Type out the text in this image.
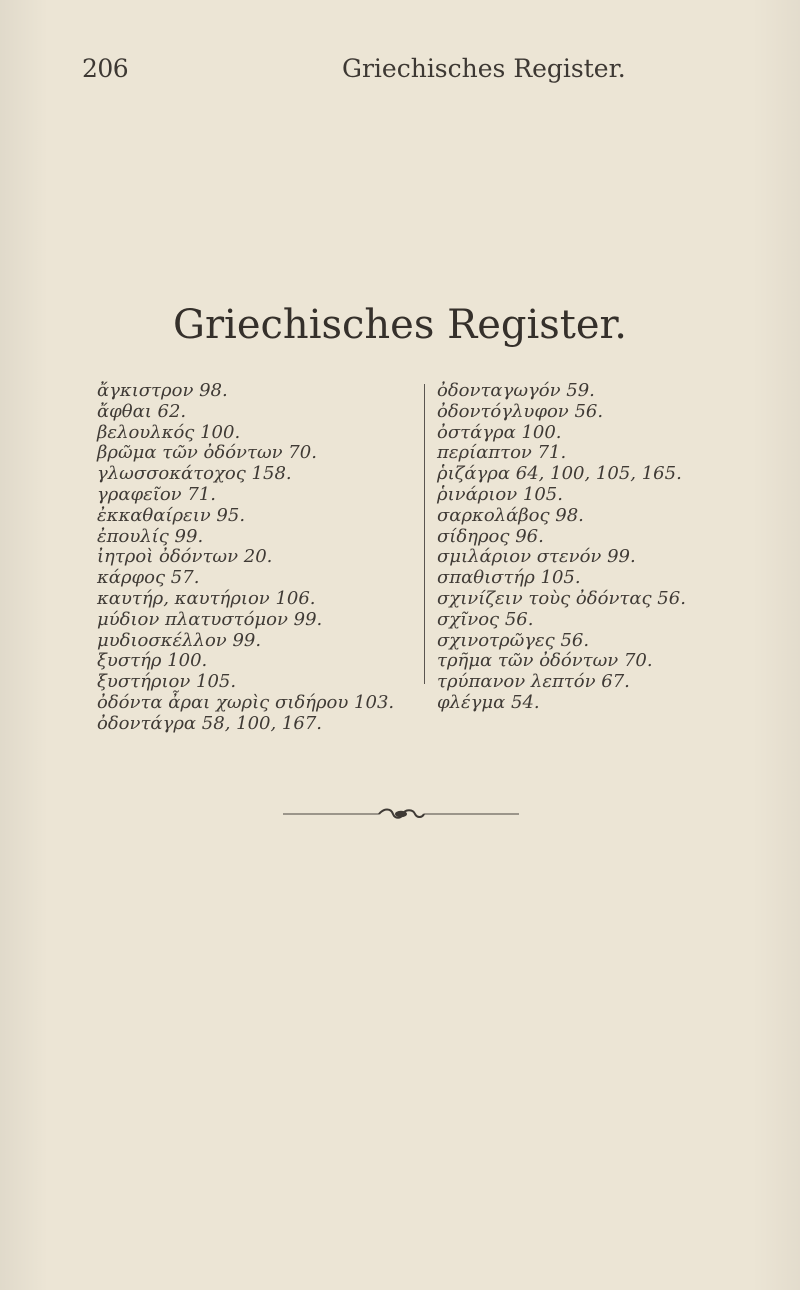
206	Griechisches Register.
Griechisches Register.
ἄγκιστρον 98.
ἄφθαι 62.
βελουλκός 100.
βρῶμα τῶν ὀδόντων 70.
γλωσσοκάτοχος 158.
γραφεῖον 71.
ἐκκαθαίρειν 95.
ἐπουλίς 99.
ἰητροὶ ὀδόντων 20.
κάρφος 57.
καυτήρ, καυτήριον 106.
μύδιον πλατυστόμον 99.
μυδιοσκέλλον 99.
ξυστήρ 100.
ξυστήριον 105.
ὀδόντα ἆραι χωρὶς σιδήρου 103.
ὀδοντάγρα 58, 100, 167.
ὀδονταγωγόν 59.
ὀδοντόγλυφον 56.
ὀστάγρα 100.
περίαπτον 71.
ῥιζάγρα 64, 100, 105, 165.
ῥινάριον 105.
σαρκολάβος 98.
σίδηρος 96.
σμιλάριον στενόν 99.
σπαθιστήρ 105.
σχινίζειν τοὺς ὀδόντας 56.
σχῖνος 56.
σχινοτρῶγες 56.
τρῆμα τῶν ὀδόντων 70.
τρύπανον λεπτόν 67.
φλέγμα 54.
